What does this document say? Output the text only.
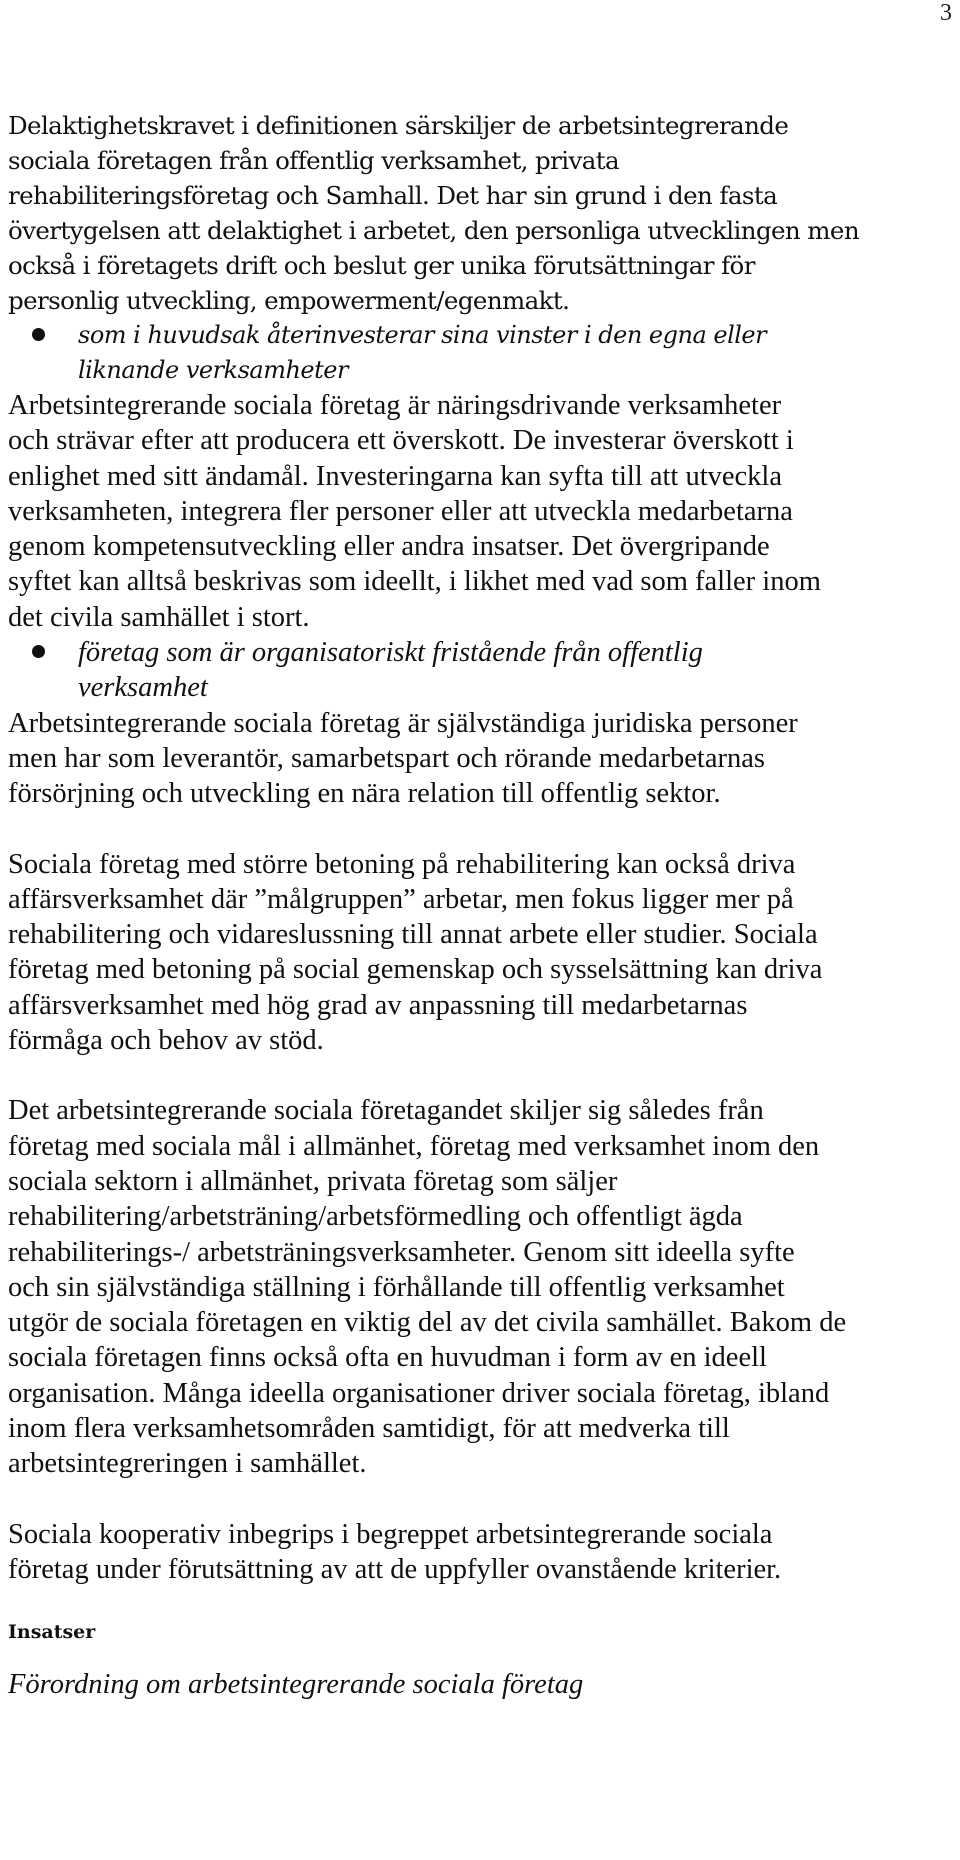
3

Delaktighetskravet i definitionen särskiljer de arbetsintegrerande
sociala företagen från offentlig verksamhet, privata
rehabiliteringsföretag och Samhall. Det har sin grund i den fasta
övertygelsen att delaktighet i arbetet, den personliga utvecklingen men
också i företagets drift och beslut ger unika förutsättningar för
personlig utveckling, empowerment/egenmakt.

som i huvudsak återinvesterar sina vinster i den egna eller
liknande verksamheter

Arbetsintegrerande sociala företag är näringsdrivande verksamheter
och strävar efter att producera ett överskott. De investerar överskott i
enlighet med sitt ändamål. Investeringarna kan syfta till att utveckla
verksamheten, integrera fler personer eller att utveckla medarbetarna
genom kompetensutveckling eller andra insatser. Det övergripande
syftet kan alltså beskrivas som ideellt, i likhet med vad som faller inom
det civila samhället i stort.

företag som är organisatoriskt fristående från offentlig
verksamhet

Arbetsintegrerande sociala företag är självständiga juridiska personer
men har som leverantör, samarbetspart och rörande medarbetarnas
försörjning och utveckling en nära relation till offentlig sektor.

Sociala företag med större betoning på rehabilitering kan också driva
affärsverksamhet där ”målgruppen” arbetar, men fokus ligger mer på
rehabilitering och vidareslussning till annat arbete eller studier. Sociala
företag med betoning på social gemenskap och sysselsättning kan driva
affärsverksamhet med hög grad av anpassning till medarbetarnas
förmåga och behov av stöd.

Det arbetsintegrerande sociala företagandet skiljer sig således från
företag med sociala mål i allmänhet, företag med verksamhet inom den
sociala sektorn i allmänhet, privata företag som säljer
rehabilitering/arbetsträning/arbetsförmedling och offentligt ägda
rehabiliterings-/ arbetsträningsverksamheter. Genom sitt ideella syfte
och sin självständiga ställning i förhållande till offentlig verksamhet
utgör de sociala företagen en viktig del av det civila samhället. Bakom de
sociala företagen finns också ofta en huvudman i form av en ideell
organisation. Många ideella organisationer driver sociala företag, ibland
inom flera verksamhetsområden samtidigt, för att medverka till
arbetsintegreringen i samhället.

Sociala kooperativ inbegrips i begreppet arbetsintegrerande sociala
företag under förutsättning av att de uppfyller ovanstående kriterier.

Insatser
Förordning om arbetsintegrerande sociala företag
